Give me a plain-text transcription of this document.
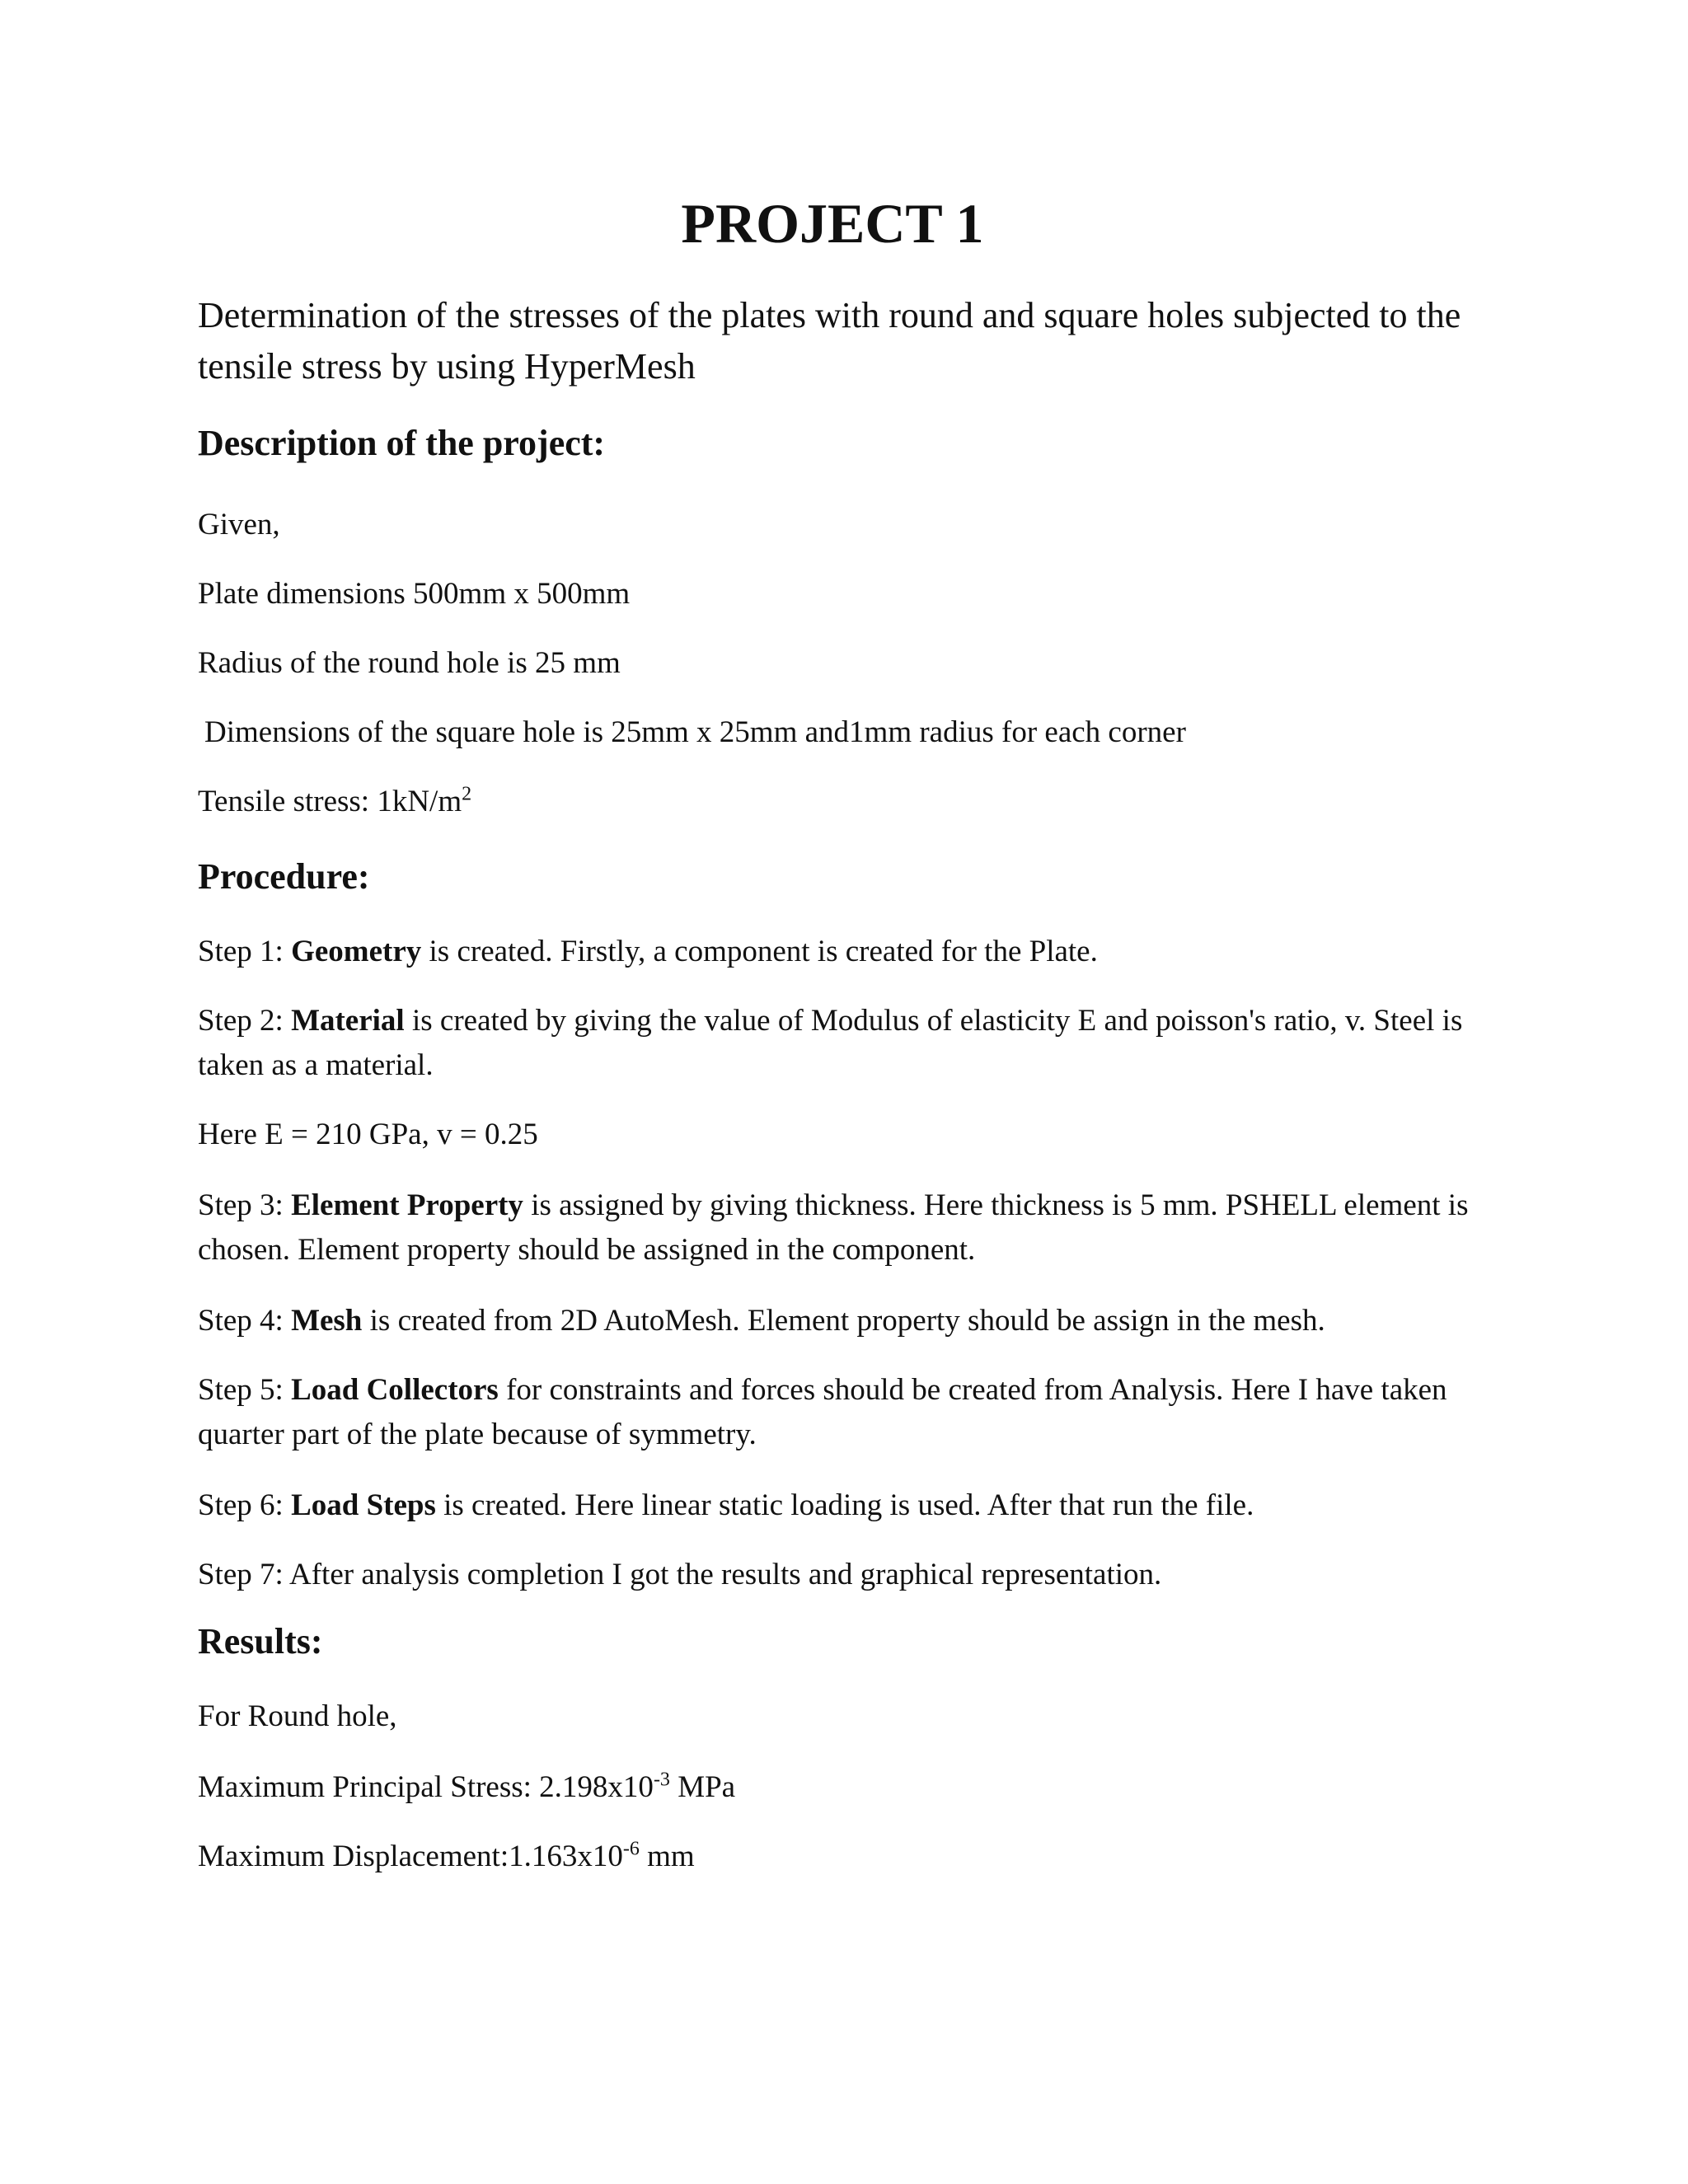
PROJECT 1

Determination of the stresses of the plates with round and square holes subjected to the tensile stress by using HyperMesh

Description of the project:

Given,

Plate dimensions 500mm x 500mm

Radius of the round hole is 25 mm

Dimensions of the square hole is 25mm x 25mm and1mm radius for each corner

Tensile stress: $1kN/m^2$

Procedure:

Step 1: Geometry is created. Firstly, a component is created for the Plate.

Step 2: Material is created by giving the value of Modulus of elasticity E and poisson's ratio, v. Steel is taken as a material.

Here E = 210 GPa, v = 0.25

Step 3: Element Property is assigned by giving thickness. Here thickness is 5 mm. PSHELL element is chosen. Element property should be assigned in the component.

Step 4: Mesh is created from 2D AutoMesh. Element property should be assign in the mesh.

Step 5: Load Collectors for constraints and forces should be created from Analysis. Here I have taken quarter part of the plate because of symmetry.

Step 6: Load Steps is created. Here linear static loading is used. After that run the file.

Step 7: After analysis completion I got the results and graphical representation.

Results:

For Round hole,

Maximum Principal Stress: $2.198x10^{-3}$ MPa

Maximum $Displacement:1.163x10^{-6}$ mm
